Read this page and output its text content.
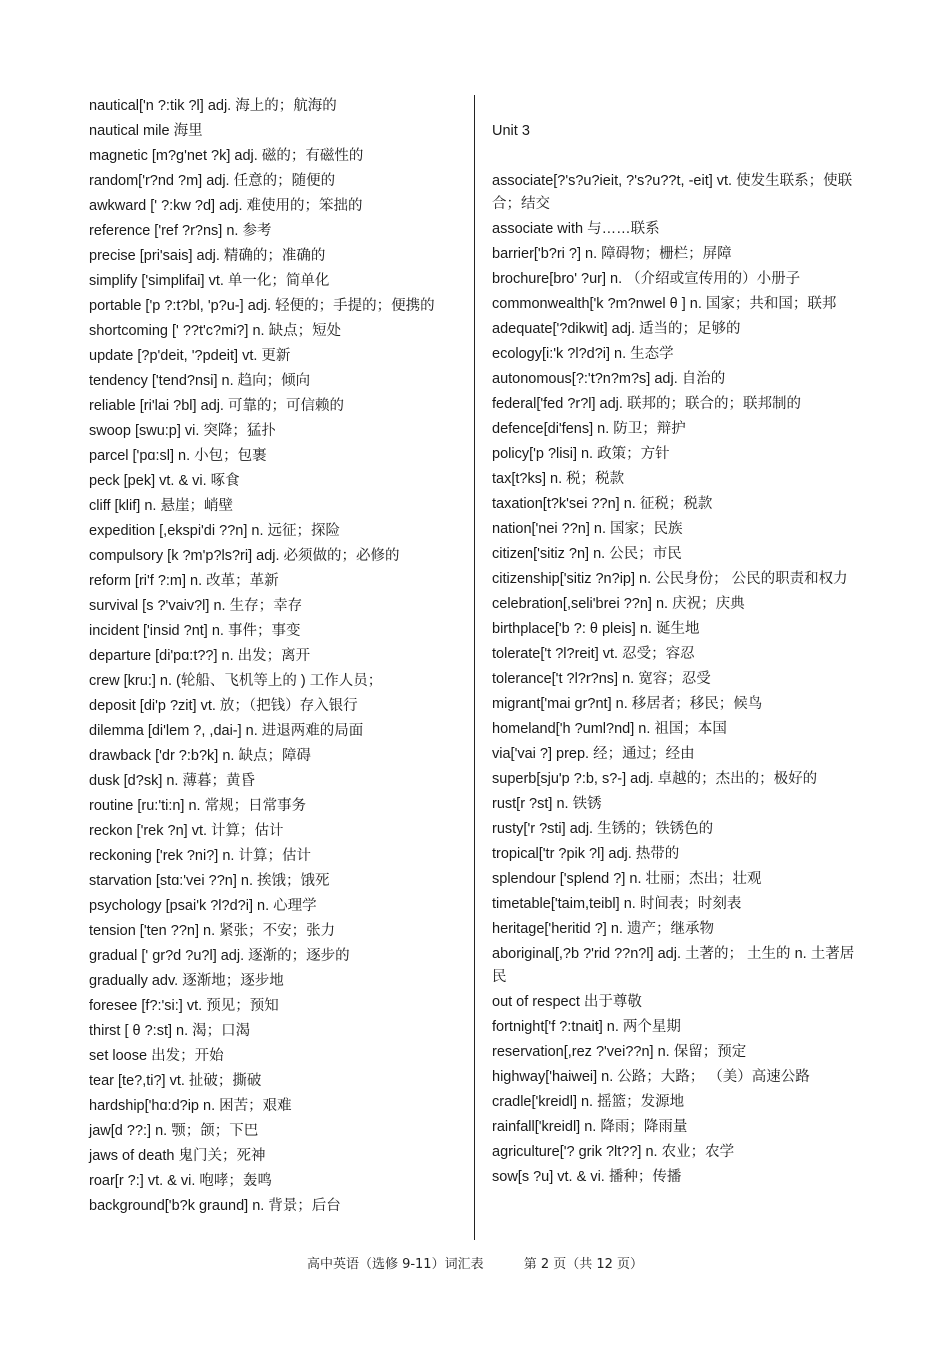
nautical['n ?:tik ?l] adj. 海上的；航海的
nautical mile 海里
magnetic [m?g'net ?k] adj. 磁的；有磁性的
random['r?nd ?m] adj. 任意的；随便的
awkward [' ?:kw ?d] adj. 难使用的；笨拙的
reference ['ref ?r?ns] n. 参考
precise [pri'sais] adj. 精确的；准确的
simplify ['simplifai] vt. 单一化；简单化
portable ['p ?:t?bl, 'p?u-] adj. 轻便的；手提的；便携的
shortcoming [' ??t'c?mi?] n. 缺点；短处
update [?p'deit, '?pdeit] vt. 更新
tendency ['tend?nsi] n. 趋向；倾向
reliable [ri'lai ?bl] adj. 可靠的；可信赖的
swoop [swu:p] vi. 突降；猛扑
parcel ['pɑ:sl] n. 小包；包裹
peck [pek] vt. & vi. 啄食
cliff [klif] n. 悬崖；峭壁
expedition [,ekspi'di ??n] n. 远征；探险
compulsory [k ?m'p?ls?ri] adj. 必须做的；必修的
reform [ri'f ?:m] n. 改革；革新
survival [s ?'vaiv?l] n. 生存；幸存
incident ['insid ?nt] n. 事件；事变
departure [di'pɑ:t??] n. 出发；离开
crew [kru:] n. (轮船、飞机等上的 ) 工作人员；
deposit [di'p ?zit] vt. 放；（把钱）存入银行
dilemma [di'lem ?, ,dai-] n. 进退两难的局面
drawback ['dr ?:b?k] n. 缺点；障碍
dusk [d?sk] n. 薄暮；黄昏
routine [ru:'ti:n] n. 常规；日常事务
reckon ['rek ?n] vt. 计算；估计
reckoning ['rek ?ni?] n. 计算；估计
starvation [stɑ:'vei ??n] n. 挨饿；饿死
psychology [psai'k ?l?d?i] n. 心理学
tension ['ten ??n] n. 紧张；不安；张力
gradual [' ɡr?d ?u?l] adj. 逐渐的；逐步的
gradually adv. 逐渐地；逐步地
foresee [f?:'si:] vt. 预见；预知
thirst [ θ ?:st] n. 渴；口渴
set loose 出发；开始
tear [te?,ti?] vt. 扯破；撕破
hardship['hɑ:d?ip n. 困苦；艰难
jaw[d ??:] n. 颚；颌；下巴
jaws of death 鬼门关；死神
roar[r ?:] vt. & vi. 咆哮；轰鸣
background['b?k ɡraund] n. 背景；后台
Unit 3
associate[?'s?u?ieit, ?'s?u??t, -eit] vt. 使发生联系；使联合；结交
associate with 与……联系
barrier['b?ri ?] n. 障碍物；栅栏；屏障
brochure[bro' ?ur] n. （介绍或宣传用的）小册子
commonwealth['k ?m?nwel θ ] n. 国家；共和国；联邦
adequate['?dikwit] adj. 适当的；足够的
ecology[i:'k ?l?d?i] n. 生态学
autonomous[?:'t?n?m?s] adj. 自治的
federal['fed ?r?l] adj. 联邦的；联合的；联邦制的
defence[di'fens] n. 防卫；辩护
policy['p ?lisi] n. 政策；方针
tax[t?ks] n. 税；税款
taxation[t?k'sei ??n] n. 征税；税款
nation['nei ??n] n. 国家；民族
citizen['sitiz ?n] n. 公民；市民
citizenship['sitiz ?n?ip] n. 公民身份； 公民的职责和权力
celebration[,seli'brei ??n] n. 庆祝；庆典
birthplace['b ?: θ pleis] n. 诞生地
tolerate['t ?l?reit] vt. 忍受；容忍
tolerance['t ?l?r?ns] n. 宽容；忍受
migrant['mai ɡr?nt] n. 移居者；移民；候鸟
homeland['h ?uml?nd] n. 祖国；本国
via['vai ?] prep. 经；通过；经由
superb[sju'p ?:b, s?-] adj. 卓越的；杰出的；极好的
rust[r ?st] n. 铁锈
rusty['r ?sti] adj. 生锈的；铁锈色的
tropical['tr ?pik ?l] adj. 热带的
splendour ['splend ?] n. 壮丽；杰出；壮观
timetable['taim,teibl] n. 时间表；时刻表
heritage['heritid ?] n. 遗产；继承物
aboriginal[,?b ?'rid ??n?l] adj. 土著的； 土生的 n. 土著居民
out of respect 出于尊敬
fortnight['f ?:tnait] n. 两个星期
reservation[,rez ?'vei??n] n. 保留；预定
highway['haiwei] n. 公路；大路； （美）高速公路
cradle['kreidl] n. 摇篮；发源地
rainfall['kreidl] n. 降雨；降雨量
agriculture['? grik ?lt??] n. 农业；农学
sow[s ?u] vt. & vi. 播种；传播
高中英语（选修 9-11）词汇表	第 2 页（共 12 页）
